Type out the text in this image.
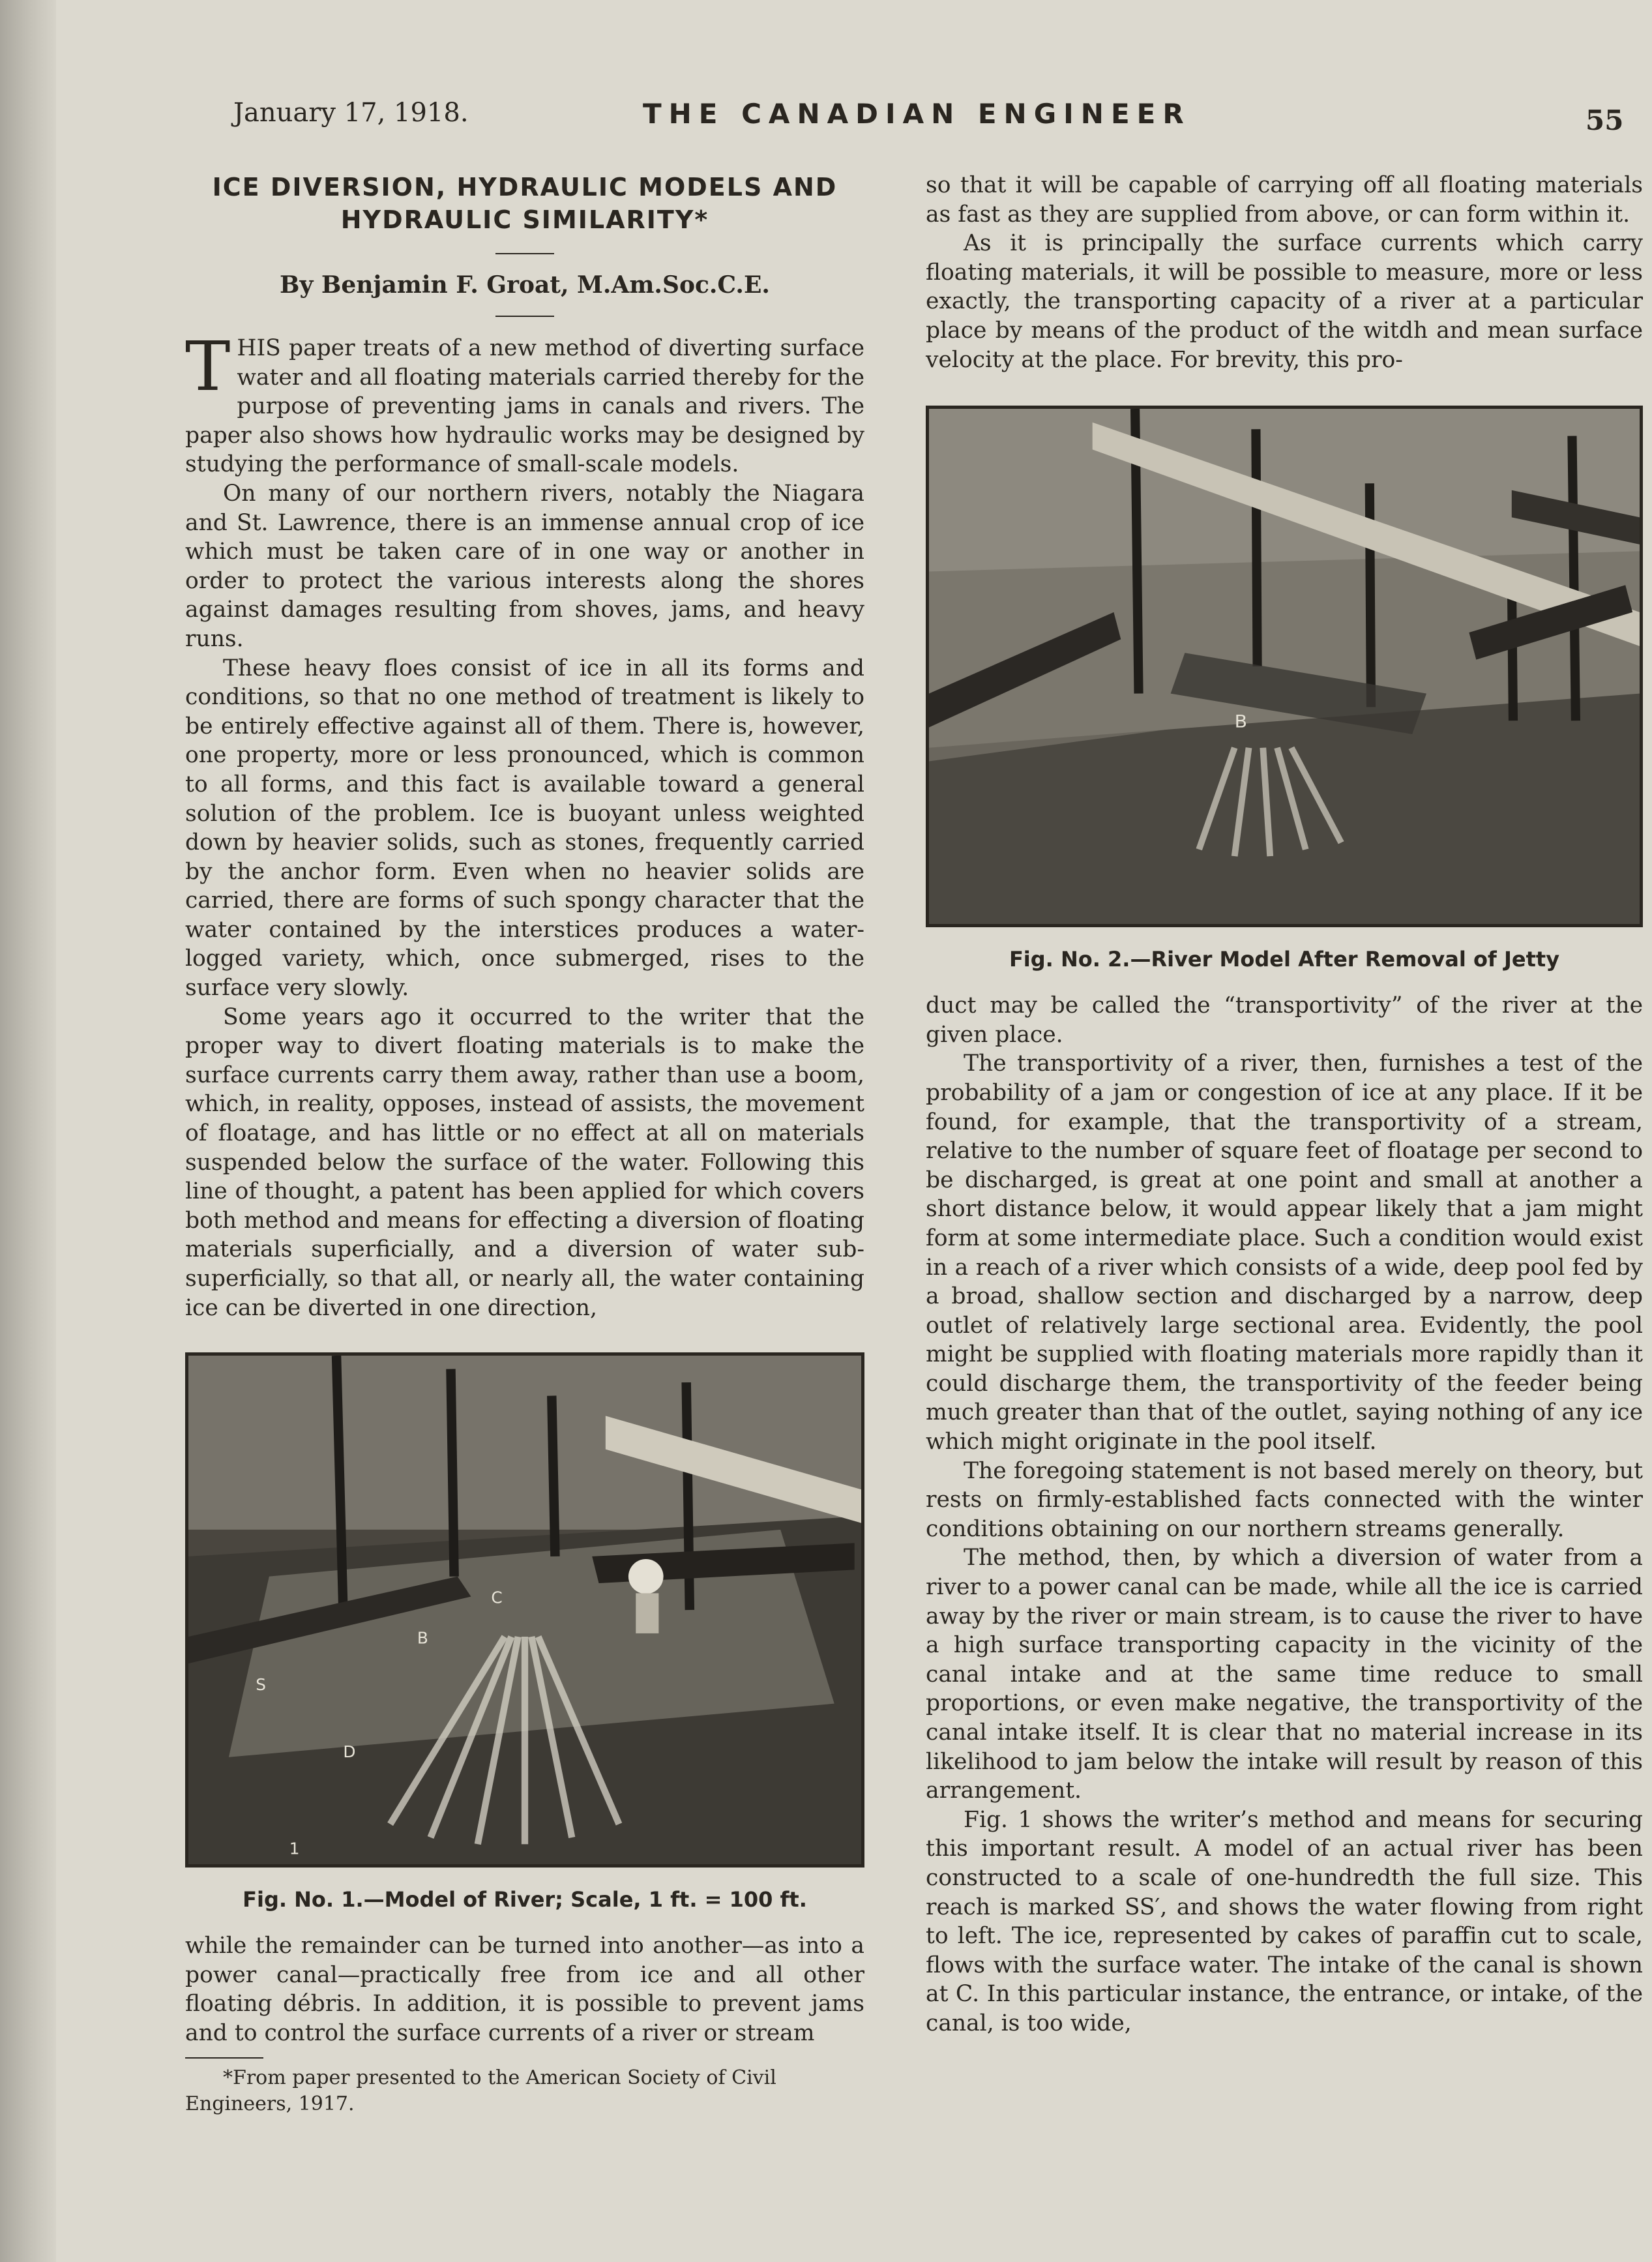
January 17, 1918.	THE CANADIAN ENGINEER	55
ICE DIVERSION, HYDRAULIC MODELS AND HYDRAULIC SIMILARITY*

By Benjamin F. Groat, M.Am.Soc.C.E.

THIS paper treats of a new method of diverting surface water and all floating materials carried thereby for the purpose of preventing jams in canals and rivers. The paper also shows how hydraulic works may be designed by studying the performance of small-scale models.

On many of our northern rivers, notably the Niagara and St. Lawrence, there is an immense annual crop of ice which must be taken care of in one way or another in order to protect the various interests along the shores against damages resulting from shoves, jams, and heavy runs.

These heavy floes consist of ice in all its forms and conditions, so that no one method of treatment is likely to be entirely effective against all of them. There is, however, one property, more or less pronounced, which is common to all forms, and this fact is available toward a general solution of the problem. Ice is buoyant unless weighted down by heavier solids, such as stones, frequently carried by the anchor form. Even when no heavier solids are carried, there are forms of such spongy character that the water contained by the interstices produces a water-logged variety, which, once submerged, rises to the surface very slowly.

Some years ago it occurred to the writer that the proper way to divert floating materials is to make the surface currents carry them away, rather than use a boom, which, in reality, opposes, instead of assists, the movement of floatage, and has little or no effect at all on materials suspended below the surface of the water. Following this line of thought, a patent has been applied for which covers both method and means for effecting a diversion of floating materials superficially, and a diversion of water sub-superficially, so that all, or nearly all, the water containing ice can be diverted in one direction,

C
B
S
D
1
Fig. No. 1.—Model of River; Scale, 1 ft. = 100 ft.

while the remainder can be turned into another—as into a power canal—practically free from ice and all other floating débris. In addition, it is possible to prevent jams and to control the surface currents of a river or stream

*From paper presented to the American Society of Civil Engineers, 1917.

so that it will be capable of carrying off all floating materials as fast as they are supplied from above, or can form within it.

As it is principally the surface currents which carry floating materials, it will be possible to measure, more or less exactly, the transporting capacity of a river at a particular place by means of the product of the witdh and mean surface velocity at the place. For brevity, this pro-

B
Fig. No. 2.—River Model After Removal of Jetty

duct may be called the “transportivity” of the river at the given place.

The transportivity of a river, then, furnishes a test of the probability of a jam or congestion of ice at any place. If it be found, for example, that the transportivity of a stream, relative to the number of square feet of floatage per second to be discharged, is great at one point and small at another a short distance below, it would appear likely that a jam might form at some intermediate place. Such a condition would exist in a reach of a river which consists of a wide, deep pool fed by a broad, shallow section and discharged by a narrow, deep outlet of relatively large sectional area. Evidently, the pool might be supplied with floating materials more rapidly than it could discharge them, the transportivity of the feeder being much greater than that of the outlet, saying nothing of any ice which might originate in the pool itself.

The foregoing statement is not based merely on theory, but rests on firmly-established facts connected with the winter conditions obtaining on our northern streams generally.

The method, then, by which a diversion of water from a river to a power canal can be made, while all the ice is carried away by the river or main stream, is to cause the river to have a high surface transporting capacity in the vicinity of the canal intake and at the same time reduce to small proportions, or even make negative, the transportivity of the canal intake itself. It is clear that no material increase in its likelihood to jam below the intake will result by reason of this arrangement.

Fig. 1 shows the writer’s method and means for securing this important result. A model of an actual river has been constructed to a scale of one-hundredth the full size. This reach is marked SS′, and shows the water flowing from right to left. The ice, represented by cakes of paraffin cut to scale, flows with the surface water. The intake of the canal is shown at C. In this particular instance, the entrance, or intake, of the canal, is too wide,
